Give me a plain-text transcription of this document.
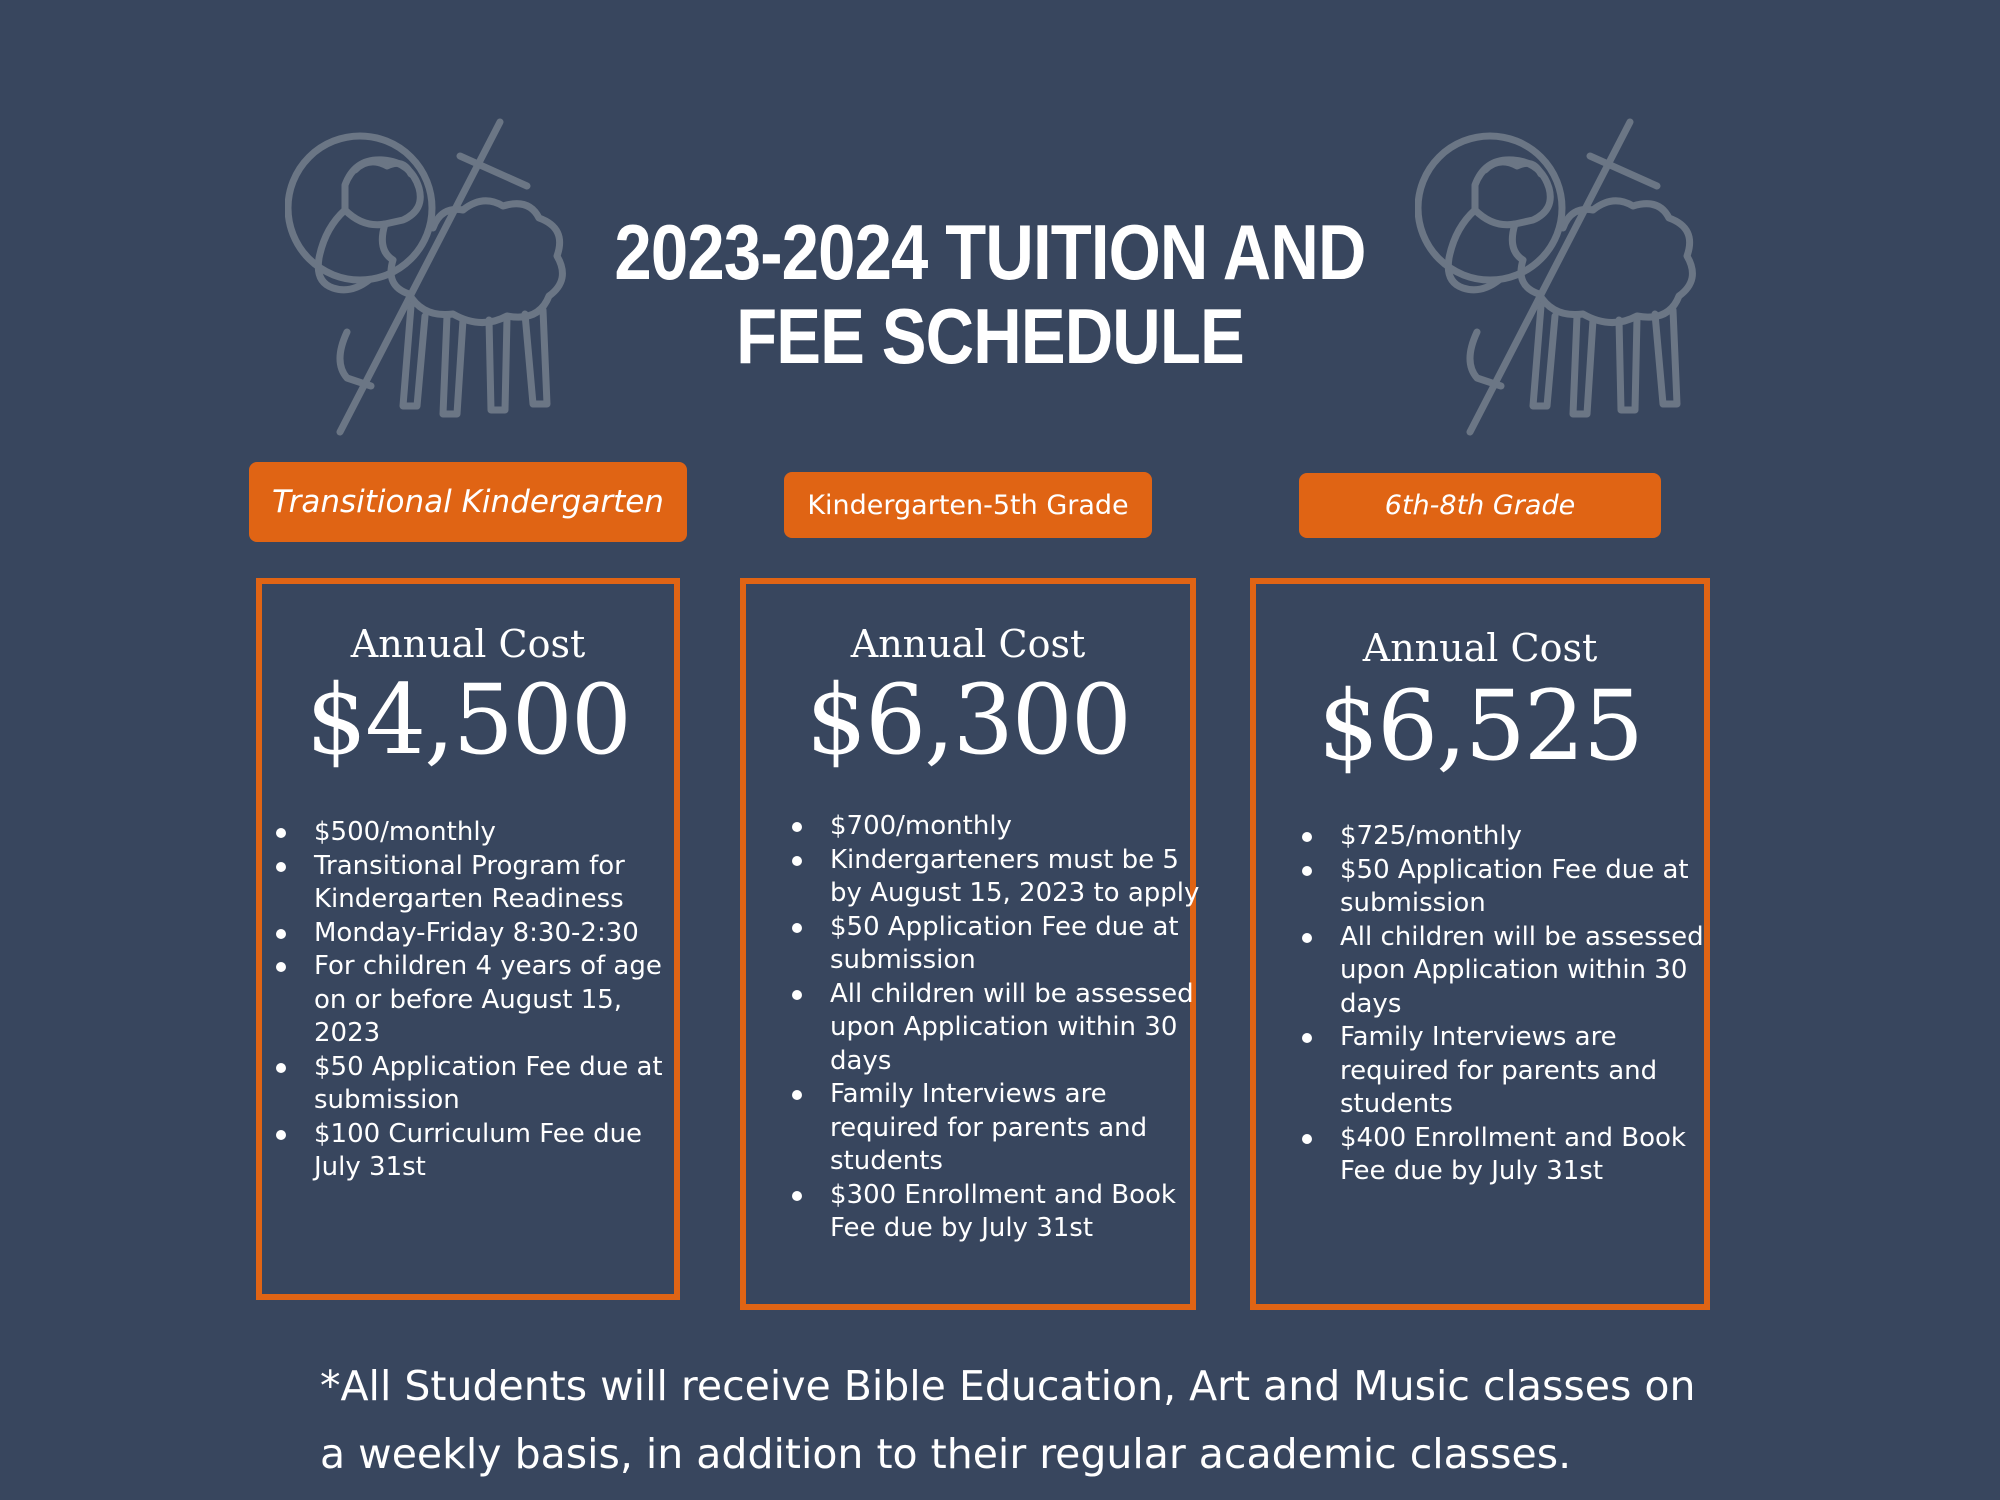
2023-2024 TUITION AND FEE SCHEDULE
Transitional Kindergarten	Kindergarten-5th Grade	6th-8th Grade
Annual Cost
$4,500
$500/monthly
Transitional Program for Kindergarten Readiness
Monday-Friday 8:30-2:30
For children 4 years of age on or before August 15, 2023
$50 Application Fee due at submission
$100 Curriculum Fee due July 31st
Annual Cost
$6,300
$700/monthly
Kindergarteners must be 5 by August 15, 2023 to apply
$50 Application Fee due at submission
All children will be assessed upon Application within 30 days
Family Interviews are required for parents and students
$300 Enrollment and Book Fee due by July 31st
Annual Cost
$6,525
$725/monthly
$50 Application Fee due at submission
All children will be assessed upon Application within 30 days
Family Interviews are required for parents and students
$400 Enrollment and Book Fee due by July 31st

*All Students will receive Bible Education, Art and Music classes on a weekly basis, in addition to their regular academic classes.
